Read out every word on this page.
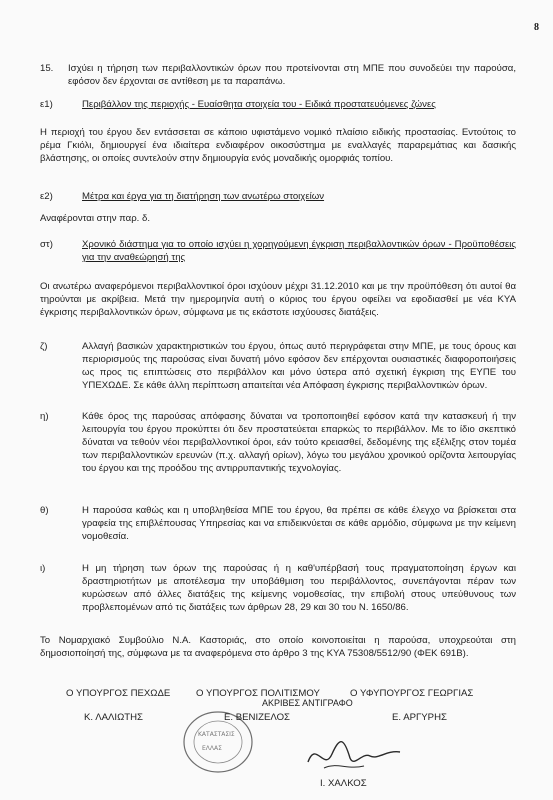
8
15.	Ισχύει η τήρηση των περιβαλλοντικών όρων που προτείνονται στη ΜΠΕ που συνοδεύει την παρούσα, εφόσον δεν έρχονται σε αντίθεση με τα παραπάνω.
ε1)	Περιβάλλον της περιοχής - Ευαίσθητα στοιχεία του - Ειδικά προστατευόμενες ζώνες
Η περιοχή του έργου δεν εντάσσεται σε κάποιο υφιστάμενο νομικό πλαίσιο ειδικής προστασίας. Εντούτοις το ρέμα Γκιόλι, δημιουργεί ένα ιδιαίτερα ενδιαφέρον οικοσύστημα με εναλλαγές παραρεμάτιας και δασικής βλάστησης, οι οποίες συντελούν στην δημιουργία ενός μοναδικής ομορφιάς τοπίου.
ε2)	Μέτρα και έργα για τη διατήρηση των ανωτέρω στοιχείων
Αναφέρονται στην παρ. δ.
στ)	Χρονικό διάστημα για το οποίο ισχύει η χορηγούμενη έγκριση περιβαλλοντικών όρων - Προϋποθέσεις για την αναθεώρησή της
Οι ανωτέρω αναφερόμενοι περιβαλλοντικοί όροι ισχύουν μέχρι 31.12.2010 και με την προϋπόθεση ότι αυτοί θα τηρούνται με ακρίβεια. Μετά την ημερομηνία αυτή ο κύριος του έργου οφείλει να εφοδιασθεί με νέα ΚΥΑ έγκρισης περιβαλλοντικών όρων, σύμφωνα με τις εκάστοτε ισχύουσες διατάξεις.
ζ)	Αλλαγή βασικών χαρακτηριστικών του έργου, όπως αυτό περιγράφεται στην ΜΠΕ, με τους όρους και περιορισμούς της παρούσας είναι δυνατή μόνο εφόσον δεν επέρχονται ουσιαστικές διαφοροποιήσεις ως προς τις επιπτώσεις στο περιβάλλον και μόνο ύστερα από σχετική έγκριση της ΕΥΠΕ του ΥΠΕΧΩΔΕ. Σε κάθε άλλη περίπτωση απαιτείται νέα Απόφαση έγκρισης περιβαλλοντικών όρων.
η)	Κάθε όρος της παρούσας απόφασης δύναται να τροποποιηθεί εφόσον κατά την κατασκευή ή την λειτουργία του έργου προκύπτει ότι δεν προστατεύεται επαρκώς το περιβάλλον. Με το ίδιο σκεπτικό δύναται να τεθούν νέοι περιβαλλοντικοί όροι, εάν τούτο κρειασθεί, δεδομένης της εξέλιξης στον τομέα των περιβαλλοντικών ερευνών (π.χ. αλλαγή ορίων), λόγω του μεγάλου χρονικού ορίζοντα λειτουργίας του έργου και της προόδου της αντιρρυπαντικής τεχνολογίας.
θ)	Η παρούσα καθώς και η υποβληθείσα ΜΠΕ του έργου, θα πρέπει σε κάθε έλεγχο να βρίσκεται στα γραφεία της επιβλέπουσας Υπηρεσίας και να επιδεικνύεται σε κάθε αρμόδιο, σύμφωνα με την κείμενη νομοθεσία.
ι)	Η μη τήρηση των όρων της παρούσας ή η καθ'υπέρβασή τους πραγματοποίηση έργων και δραστηριοτήτων με αποτέλεσμα την υποβάθμιση του περιβάλλοντος, συνεπάγονται πέραν των κυρώσεων από άλλες διατάξεις της κείμενης νομοθεσίας, την επιβολή στους υπεύθυνους των προβλεπομένων από τις διατάξεις των άρθρων 28, 29 και 30 του Ν. 1650/86.
Το Νομαρχιακό Συμβούλιο Ν.Α. Καστοριάς, στο οποίο κοινοποιείται η παρούσα, υποχρεούται στη δημοσιοποίησή της, σύμφωνα με τα αναφερόμενα στο άρθρο 3 της ΚΥΑ 75308/5512/90 (ΦΕΚ 691Β).
ΚΑΤΑΣΤΑΣΙΣ
ΕΛΛΑΣ
Ο ΥΠΟΥΡΓΟΣ ΠΕΧΩΔΕ	Ο ΥΠΟΥΡΓΟΣ ΠΟΛΙΤΙΣΜΟΥ	Ο ΥΦΥΠΟΥΡΓΟΣ ΓΕΩΡΓΙΑΣ
ΑΚΡΙΒΕΣ ΑΝΤΙΓΡΑΦΟ
Κ. ΛΑΛΙΩΤΗΣ	Ε. ΒΕΝΙΖΕΛΟΣ	Ε. ΑΡΓΥΡΗΣ
Ι. ΧΑΛΚΟΣ
